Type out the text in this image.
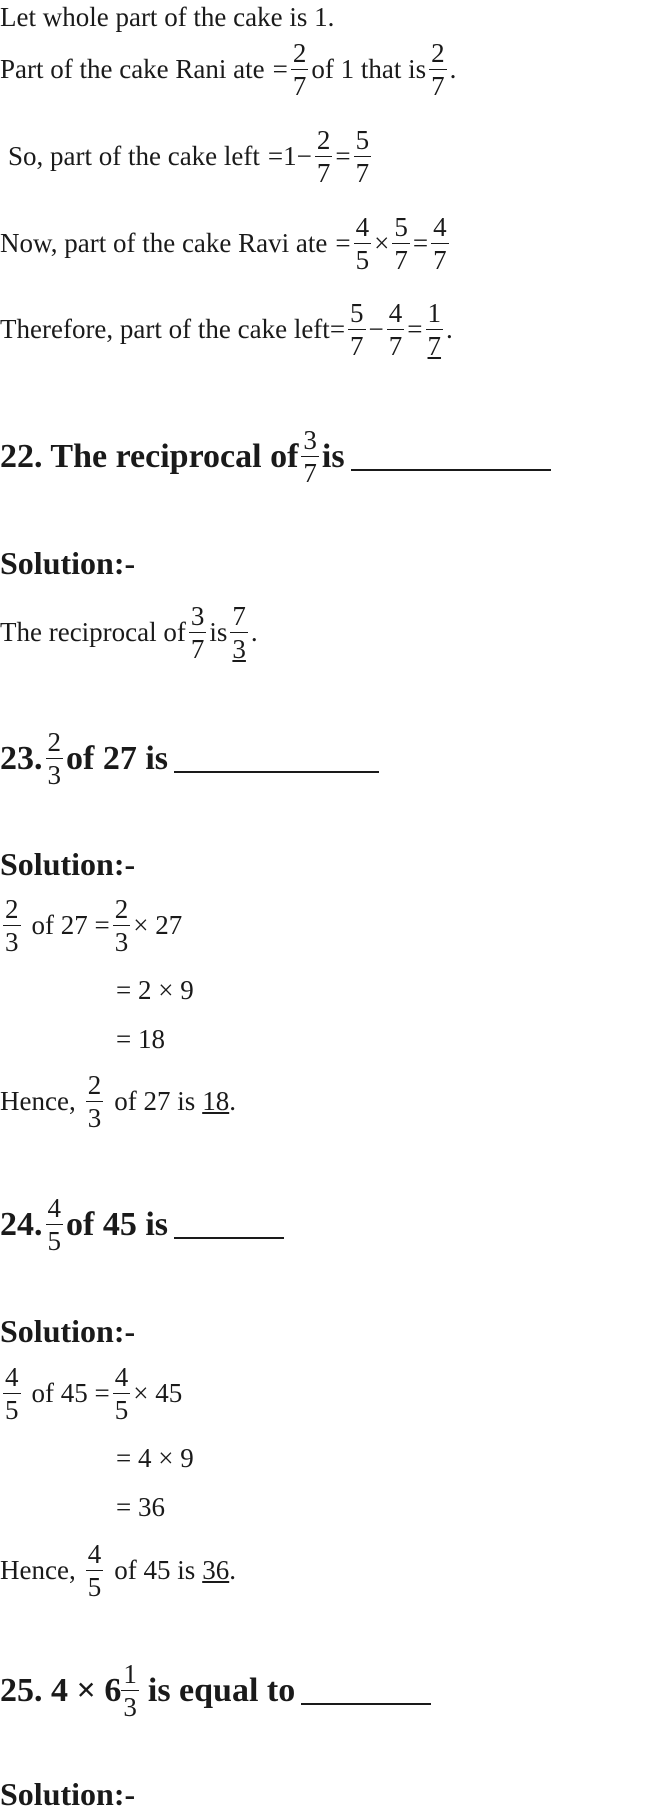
Let whole part of the cake is 1.
Part of the cake Rani ate = $\frac{2}{7}$ of 1 that is $\frac{2}{7}$ .
So, part of the cake left = $1- \frac{2}{7} = \frac{5}{7}$
Now, part of the cake Ravi ate = $\frac{4}{5} \times \frac{5}{7} = \frac{4}{7}$
Therefore, part of the cake left = $\frac{5}{7} - \frac{4}{7} = \frac{1}{7}$ .
22. The reciprocal of $\frac{3}{7}$ is
Solution:-
The reciprocal of $\frac{3}{7}$ is $\frac{7}{3}$ .
23. $\frac{2}{3}$ of 27 is
Solution:-
$\frac{2}{3}$ of $27 = \frac{2}{3} \times 27$
= 2 × 9
= 18
Hence, $\frac{2}{3}$ of 27 is 18 .
24. $\frac{4}{5}$ of 45 is
Solution:-
$\frac{4}{5}$ of $45 = \frac{4}{5} \times 45$
= 4 × 9
= 36
Hence, $\frac{4}{5}$ of 45 is 36 .
25. $4 \times 6 \frac{1}{3}$ is equal to
Solution:-
